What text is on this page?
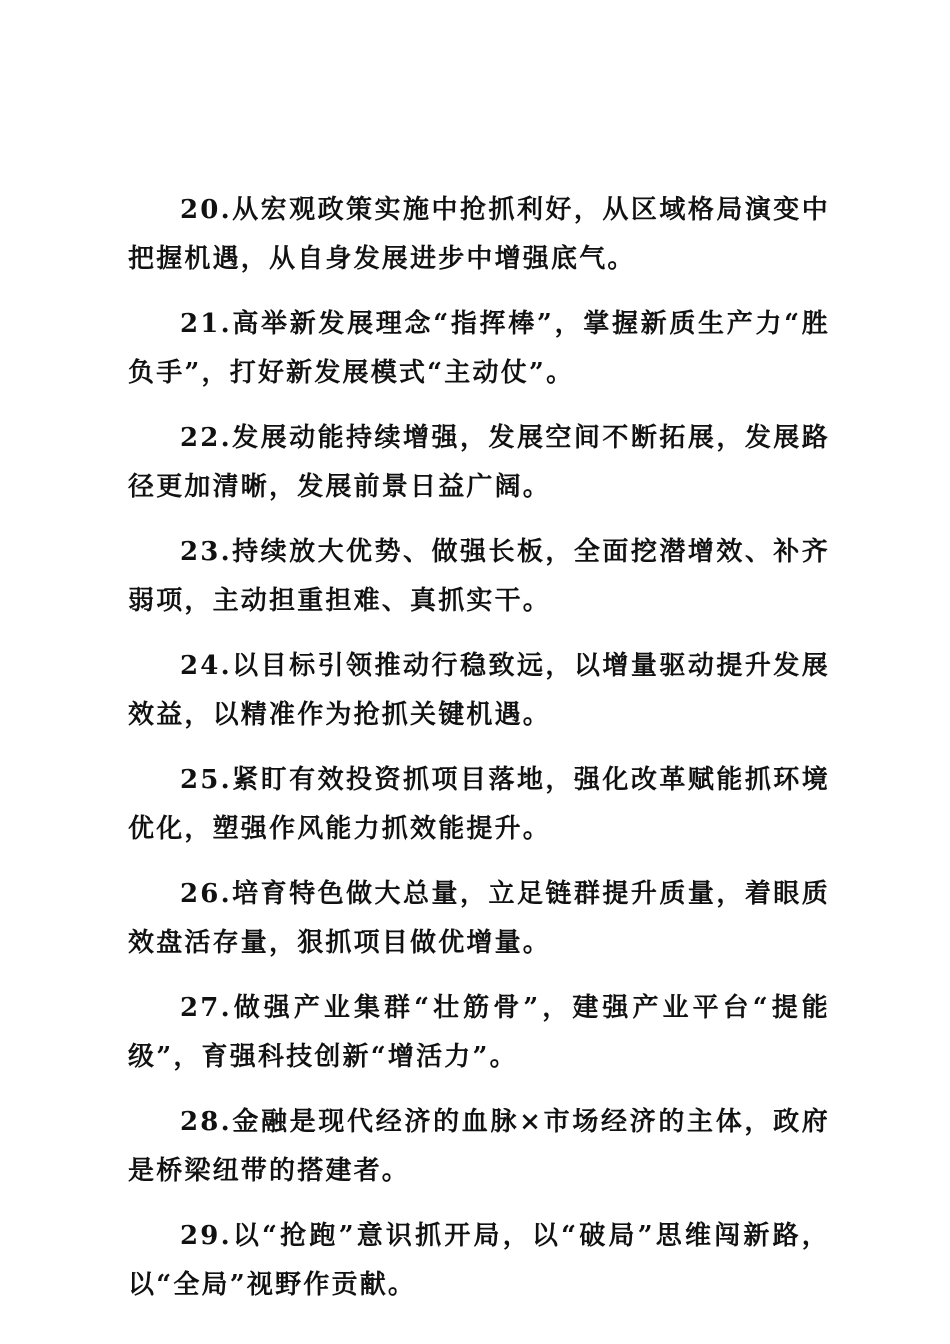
20.从宏观政策实施中抢抓利好，从区域格局演变中把握机遇，从自身发展进步中增强底气。

21.高举新发展理念“指挥棒”，掌握新质生产力“胜负手”，打好新发展模式“主动仗”。

22.发展动能持续增强，发展空间不断拓展，发展路径更加清晰，发展前景日益广阔。

23.持续放大优势、做强长板，全面挖潜增效、补齐弱项，主动担重担难、真抓实干。

24.以目标引领推动行稳致远，以增量驱动提升发展效益，以精准作为抢抓关键机遇。

25.紧盯有效投资抓项目落地，强化改革赋能抓环境优化，塑强作风能力抓效能提升。

26.培育特色做大总量，立足链群提升质量，着眼质效盘活存量，狠抓项目做优增量。

27.做强产业集群“壮筋骨”，建强产业平台“提能级”，育强科技创新“增活力”。

28.金融是现代经济的血脉×市场经济的主体，政府是桥梁纽带的搭建者。

29.以“抢跑”意识抓开局，以“破局”思维闯新路，以“全局”视野作贡献。
